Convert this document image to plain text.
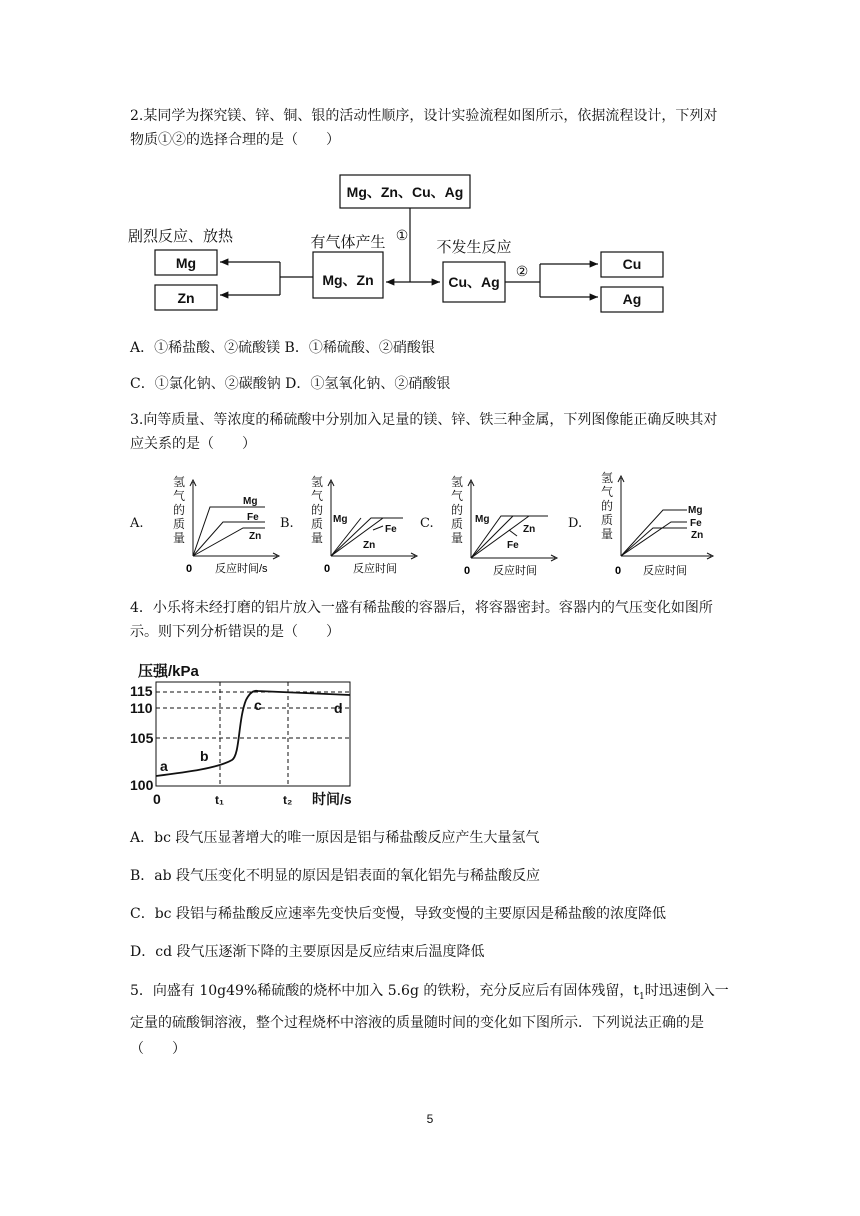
2.某同学为探究镁、锌、铜、银的活动性顺序，设计实验流程如图所示，依据流程设计，下列对物质①②的选择合理的是（　　）

Mg、Zn、Cu、Ag
①
Mg、Zn
有气体产生
剧烈反应、放热
Mg
Zn
Cu、Ag
不发生反应
②	Cu
Ag

A．①稀盐酸、②硫酸镁 B．①稀硫酸、②硝酸银

C．①氯化钠、②碳酸钠 D．①氢氧化钠、②硝酸银

3.向等质量、等浓度的稀硫酸中分别加入足量的镁、锌、铁三种金属，下列图像能正确反映其对应关系的是（　　）

A.	B.	C.	D.
氢
气
的
质
量
Mg
Fe
Zn
0 反应时间/s
氢
气
的
质
量
Mg
Fe
Zn
0 反应时间
氢
气
的
质
量
Mg
Zn
Fe
0 反应时间
氢
气
的
质
量
Mg
Fe
Zn
0 反应时间

4．小乐将未经打磨的铝片放入一盛有稀盐酸的容器后，将容器密封。容器内的气压变化如图所示。则下列分析错误的是（　　）

压强/kPa
115
110
105
100
0	t₁	t₂ 时间/s
a
b
c	d

A．bc 段气压显著增大的唯一原因是铝与稀盐酸反应产生大量氢气

B．ab 段气压变化不明显的原因是铝表面的氧化铝先与稀盐酸反应

C．bc 段铝与稀盐酸反应速率先变快后变慢，导致变慢的主要原因是稀盐酸的浓度降低

D．cd 段气压逐渐下降的主要原因是反应结束后温度降低

5．向盛有 10g49%稀硫酸的烧杯中加入 5.6g 的铁粉，充分反应后有固体残留，$t_1$时迅速倒入一定量的硫酸铜溶液，整个过程烧杯中溶液的质量随时间的变化如下图所示．下列说法正确的是（　　）

5
